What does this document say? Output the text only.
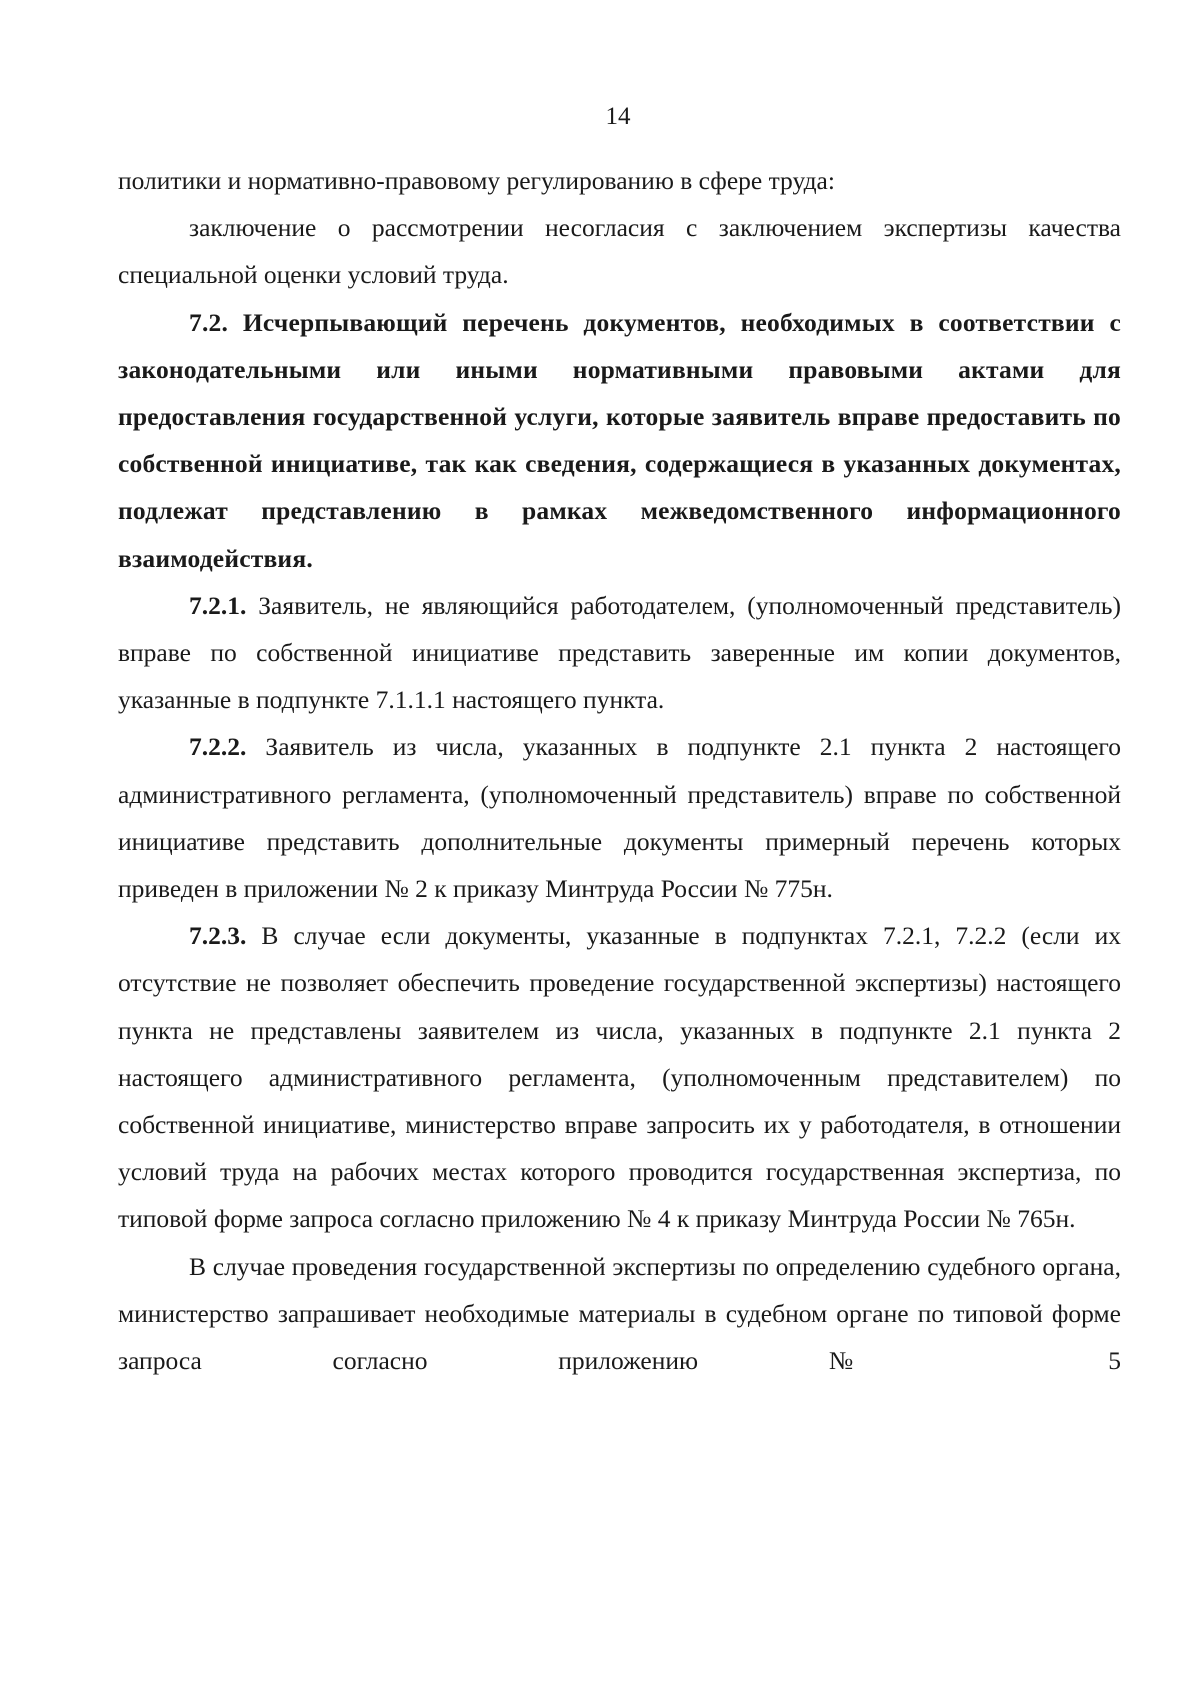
14

политики и нормативно-правовому регулированию в сфере труда:

заключение о рассмотрении несогласия с заключением экспертизы качества специальной оценки условий труда.

7.2. Исчерпывающий перечень документов, необходимых в соответствии с законодательными или иными нормативными правовыми актами для предоставления государственной услуги, которые заявитель вправе предоставить по собственной инициативе, так как сведения, содержащиеся в указанных документах, подлежат представлению в рамках межведомственного информационного взаимодействия.

7.2.1. Заявитель, не являющийся работодателем, (уполномоченный представитель) вправе по собственной инициативе представить заверенные им копии документов, указанные в подпункте 7.1.1.1 настоящего пункта.

7.2.2. Заявитель из числа, указанных в подпункте 2.1 пункта 2 настоящего административного регламента, (уполномоченный представитель) вправе по собственной инициативе представить дополнительные документы примерный перечень которых приведен в приложении № 2 к приказу Минтруда России № 775н.

7.2.3. В случае если документы, указанные в подпунктах 7.2.1, 7.2.2 (если их отсутствие не позволяет обеспечить проведение государственной экспертизы) настоящего пункта не представлены заявителем из числа, указанных в подпункте 2.1 пункта 2 настоящего административного регламента, (уполномоченным представителем) по собственной инициативе, министерство вправе запросить их у работодателя, в отношении условий труда на рабочих местах которого проводится государственная экспертиза, по типовой форме запроса согласно приложению № 4 к приказу Минтруда России № 765н.

В случае проведения государственной экспертизы по определению судебного органа, министерство запрашивает необходимые материалы в судебном органе по типовой форме запроса согласно приложению № 5
